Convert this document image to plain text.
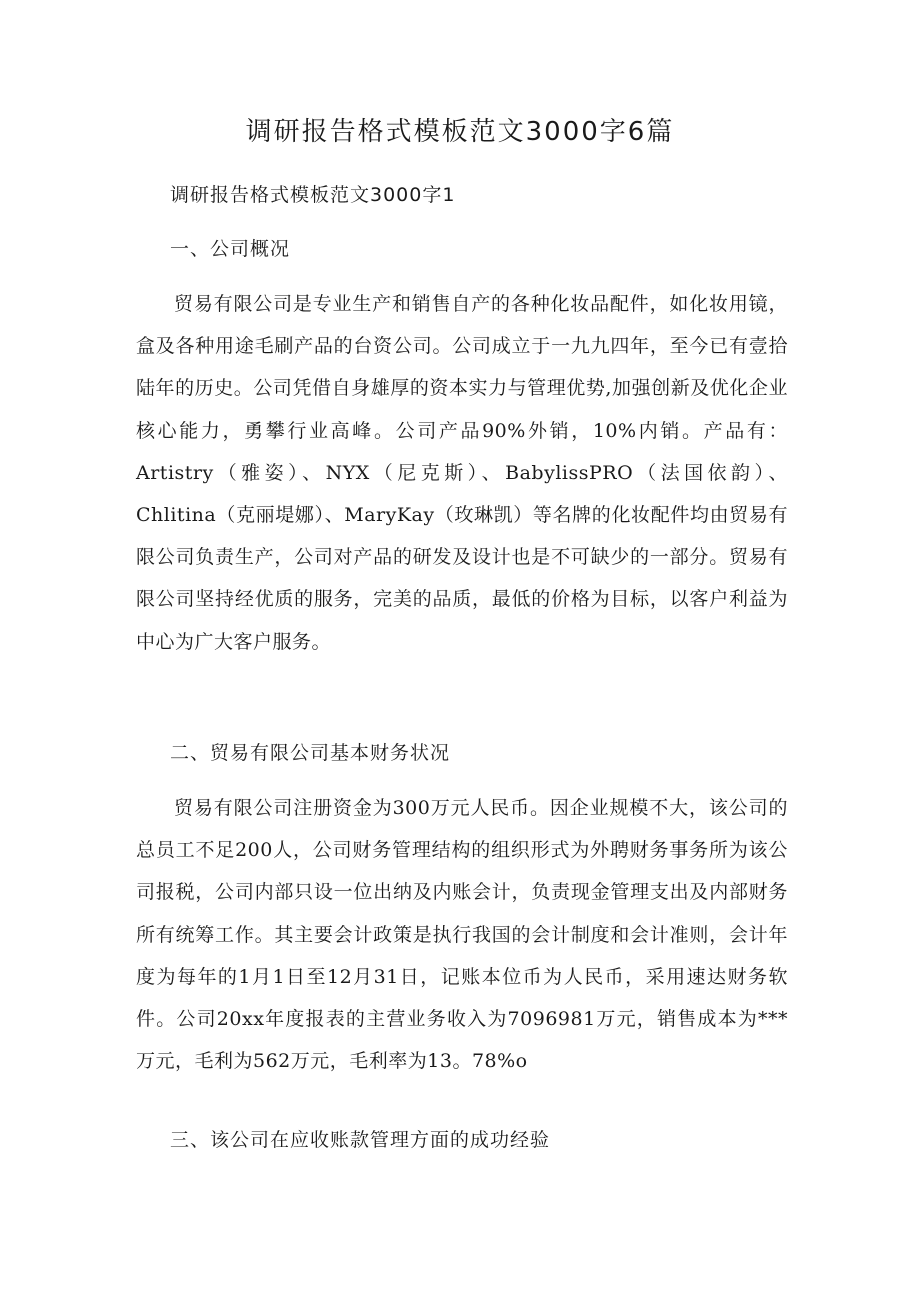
调研报告格式模板范文3000字6篇
调研报告格式模板范文3000字1
一、公司概况

贸易有限公司是专业生产和销售自产的各种化妆品配件，如化妆用镜，盒及各种用途毛刷产品的台资公司。公司成立于一九九四年，至今已有壹拾陆年的历史。公司凭借自身雄厚的资本实力与管理优势,加强创新及优化企业核心能力，勇攀行业高峰。公司产品90%外销，10%内销。产品有：Artistry（雅姿）、NYX（尼克斯）、BabylissPRO（法国依韵）、Chlitina（克丽堤娜）、MaryKay（玫琳凯）等名牌的化妆配件均由贸易有限公司负责生产，公司对产品的研发及设计也是不可缺少的一部分。贸易有限公司坚持经优质的服务，完美的品质，最低的价格为目标，以客户利益为中心为广大客户服务。

二、贸易有限公司基本财务状况

贸易有限公司注册资金为300万元人民币。因企业规模不大，该公司的总员工不足200人，公司财务管理结构的组织形式为外聘财务事务所为该公司报税，公司内部只设一位出纳及内账会计，负责现金管理支出及内部财务所有统筹工作。其主要会计政策是执行我国的会计制度和会计准则，会计年度为每年的1月1日至12月31日，记账本位币为人民币，采用速达财务软件。公司20xx年度报表的主营业务收入为7096981万元，销售成本为***万元，毛利为562万元，毛利率为13。78%o

三、该公司在应收账款管理方面的成功经验
